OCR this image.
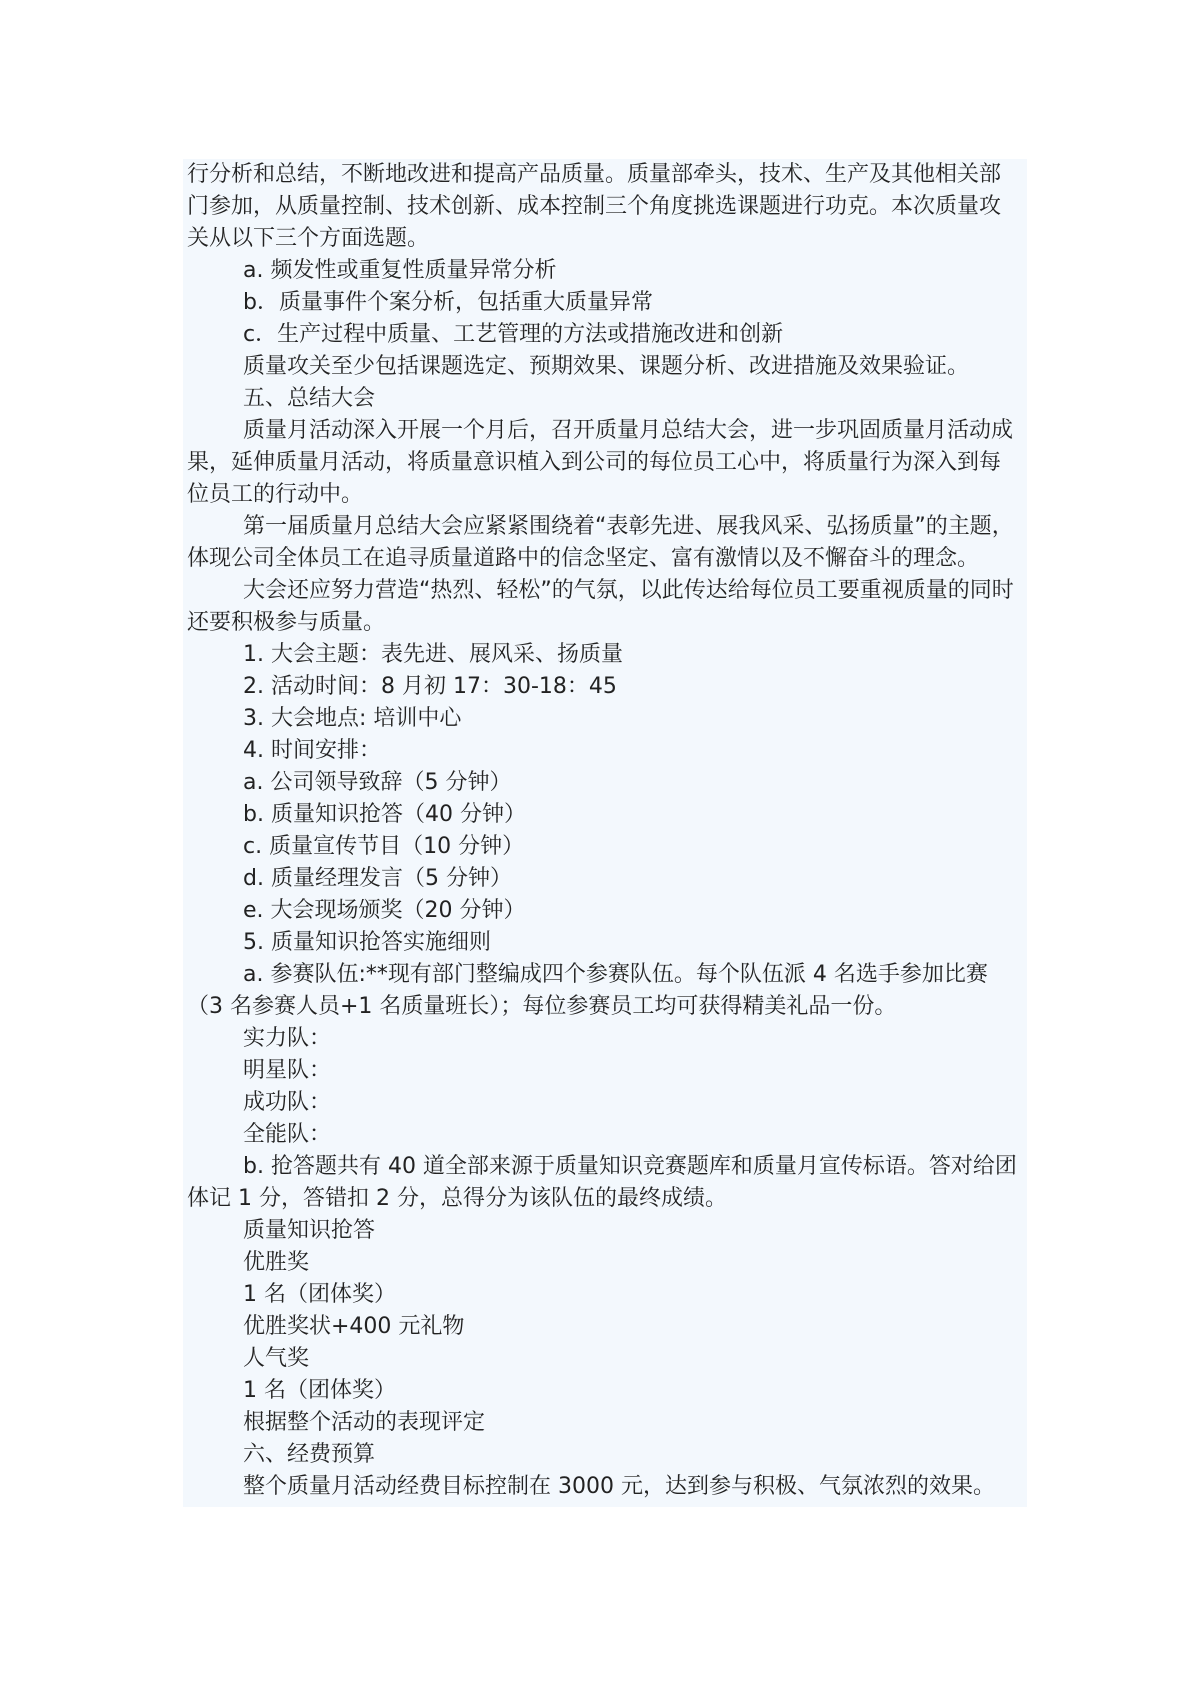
行分析和总结，不断地改进和提高产品质量。质量部牵头，技术、生产及其他相关部

门参加，从质量控制、技术创新、成本控制三个角度挑选课题进行功克。本次质量攻

关从以下三个方面选题。

a. 频发性或重复性质量异常分析

b．质量事件个案分析，包括重大质量异常

c．生产过程中质量、工艺管理的方法或措施改进和创新

质量攻关至少包括课题选定、预期效果、课题分析、改进措施及效果验证。

五、总结大会

质量月活动深入开展一个月后，召开质量月总结大会，进一步巩固质量月活动成

果，延伸质量月活动，将质量意识植入到公司的每位员工心中，将质量行为深入到每

位员工的行动中。

第一届质量月总结大会应紧紧围绕着“表彰先进、展我风采、弘扬质量”的主题，

体现公司全体员工在追寻质量道路中的信念坚定、富有激情以及不懈奋斗的理念。

大会还应努力营造“热烈、轻松”的气氛，以此传达给每位员工要重视质量的同时

还要积极参与质量。

1. 大会主题：表先进、展风采、扬质量

2. 活动时间：8 月初 17：30-18：45

3. 大会地点: 培训中心

4. 时间安排：

a. 公司领导致辞（5 分钟）

b. 质量知识抢答（40 分钟）

c. 质量宣传节目（10 分钟）

d. 质量经理发言（5 分钟）

e. 大会现场颁奖（20 分钟）

5. 质量知识抢答实施细则

a. 参赛队伍:**现有部门整编成四个参赛队伍。每个队伍派 4 名选手参加比赛

（3 名参赛人员+1 名质量班长）；每位参赛员工均可获得精美礼品一份。

实力队：

明星队：

成功队：

全能队：

b. 抢答题共有 40 道全部来源于质量知识竞赛题库和质量月宣传标语。答对给团

体记 1 分，答错扣 2 分，总得分为该队伍的最终成绩。

质量知识抢答

优胜奖

1 名（团体奖）

优胜奖状+400 元礼物

人气奖

1 名（团体奖）

根据整个活动的表现评定

六、经费预算

整个质量月活动经费目标控制在 3000 元，达到参与积极、气氛浓烈的效果。
